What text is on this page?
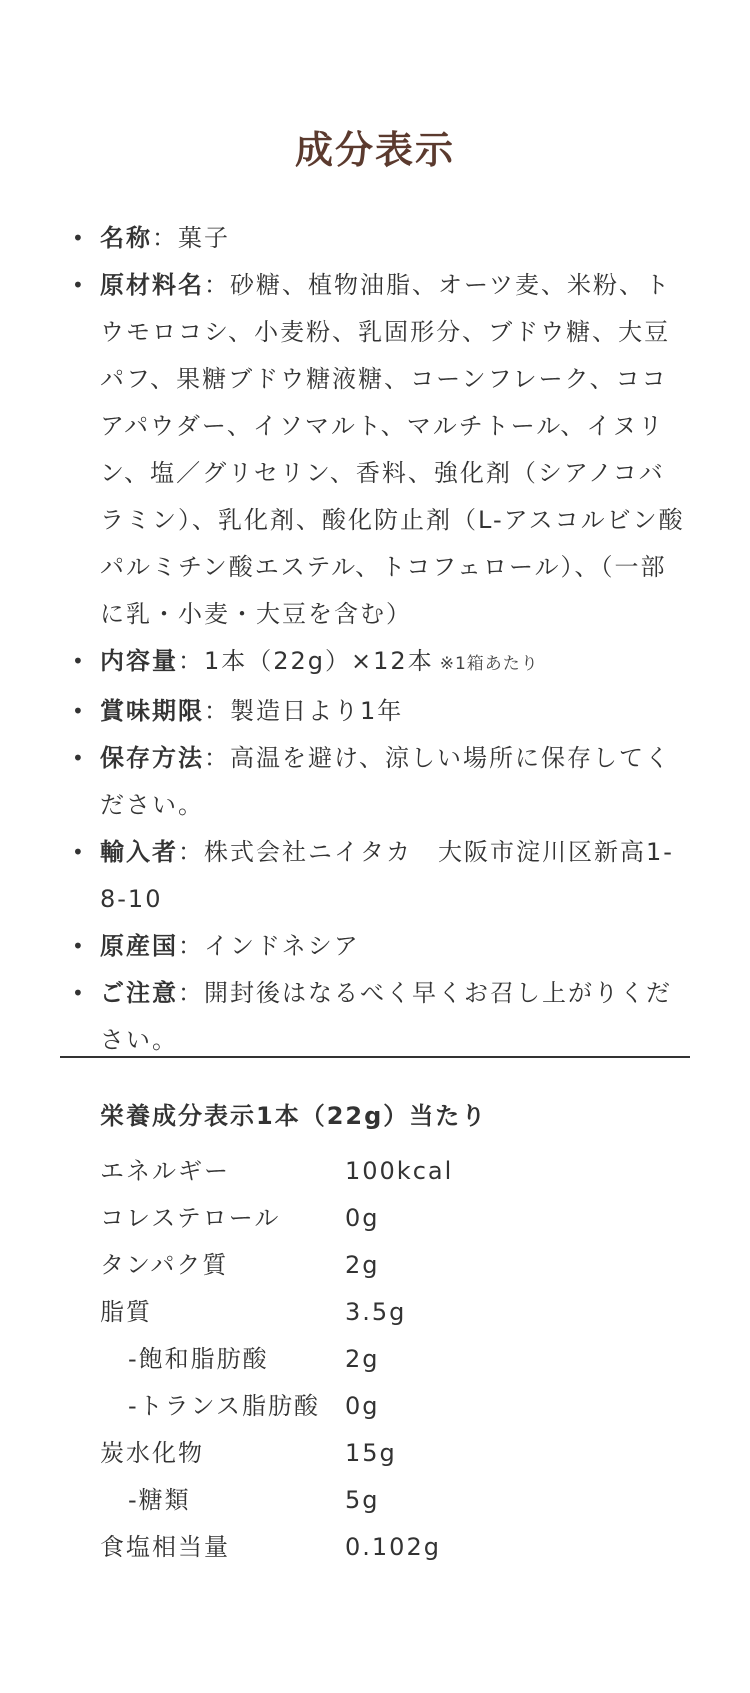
成分表示
• 名称：菓子
• 原材料名：砂糖、植物油脂、オーツ麦、米粉、トウモロコシ、小麦粉、乳固形分、ブドウ糖、大豆パフ、果糖ブドウ糖液糖、コーンフレーク、ココアパウダー、イソマルト、マルチトール、イヌリン、塩／グリセリン、香料、強化剤（シアノコバラミン）、乳化剤、酸化防止剤（L-アスコルビン酸パルミチン酸エステル、トコフェロール）、（一部に乳・小麦・大豆を含む）
• 内容量：1本（22g）×12本 ※1箱あたり
• 賞味期限：製造日より1年
• 保存方法：高温を避け、涼しい場所に保存してください。
• 輸入者：株式会社ニイタカ　大阪市淀川区新高1-8-10
• 原産国：インドネシア
• ご注意：開封後はなるべく早くお召し上がりください。
栄養成分表示1本（22g）当たり
エネルギー	100kcal
コレステロール	0g
タンパク質	2g
脂質	3.5g
-飽和脂肪酸	2g
-トランス脂肪酸	0g
炭水化物	15g
-糖類	5g
食塩相当量	0.102g
